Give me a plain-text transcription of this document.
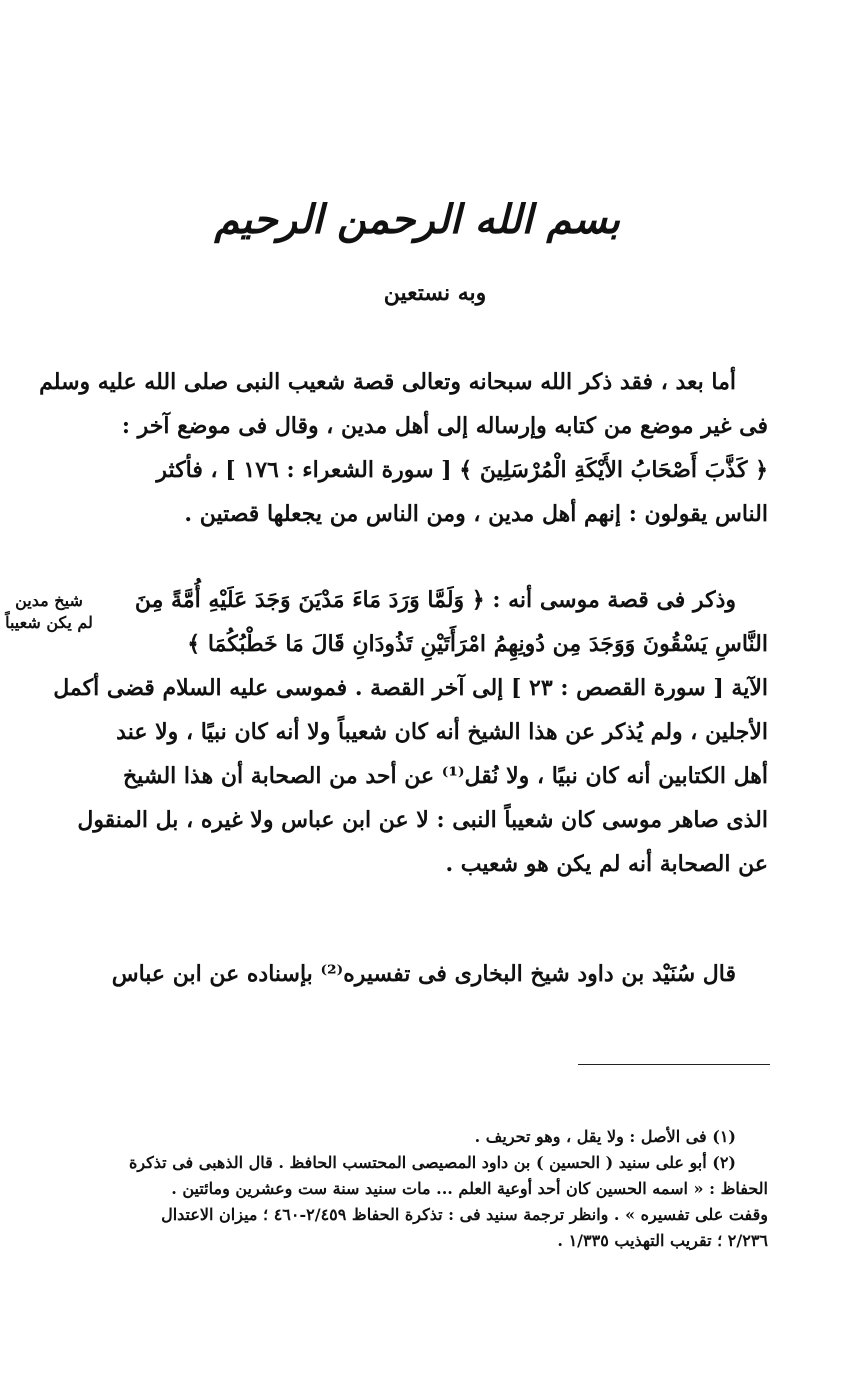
بسم الله الرحمن الرحيم
وبه نستعين
أما بعد ، فقد ذكر الله سبحانه وتعالى قصة شعيب النبى صلى الله عليه وسلم
فى غير موضع من كتابه وإرساله إلى أهل مدين ، وقال فى موضع آخر :
﴿ كَذَّبَ أَصْحَابُ الأَيْكَةِ الْمُرْسَلِينَ ﴾ [ سورة الشعراء : ١٧٦ ] ، فأكثر
الناس يقولون : إنهم أهل مدين ، ومن الناس من يجعلها قصتين .
شيخ مدين
لم يكن شعيباً
وذكر فى قصة موسى أنه : ﴿ وَلَمَّا وَرَدَ مَاءَ مَدْيَنَ وَجَدَ عَلَيْهِ أُمَّةً مِنَ
النَّاسِ يَسْقُونَ وَوَجَدَ مِن دُونِهِمُ امْرَأَتَيْنِ تَذُودَانِ قَالَ مَا خَطْبُكُمَا ﴾
الآية [ سورة القصص : ٢٣ ] إلى آخر القصة . فموسى عليه السلام قضى أكمل
الأجلين ، ولم يُذكر عن هذا الشيخ أنه كان شعيباً ولا أنه كان نبيًا ، ولا عند
أهل الكتابين أنه كان نبيًا ، ولا نُقل⁽¹⁾ عن أحد من الصحابة أن هذا الشيخ
الذى صاهر موسى كان شعيباً النبى : لا عن ابن عباس ولا غيره ، بل المنقول
عن الصحابة أنه لم يكن هو شعيب .
قال سُنَيْد بن داود شيخ البخارى فى تفسيره⁽²⁾ بإسناده عن ابن عباس
(١) فى الأصل : ولا يقل ، وهو تحريف .
(٢) أبو على سنيد ( الحسين ) بن داود المصيصى المحتسب الحافظ . قال الذهبى فى تذكرة
الحفاظ : « اسمه الحسين كان أحد أوعية العلم ... مات سنيد سنة ست وعشرين ومائتين .
وقفت على تفسيره » . وانظر ترجمة سنيد فى : تذكرة الحفاظ ٢/٤٥٩-٤٦٠ ؛ ميزان الاعتدال
٢/٢٣٦ ؛ تقريب التهذيب ١/٣٣٥ .
